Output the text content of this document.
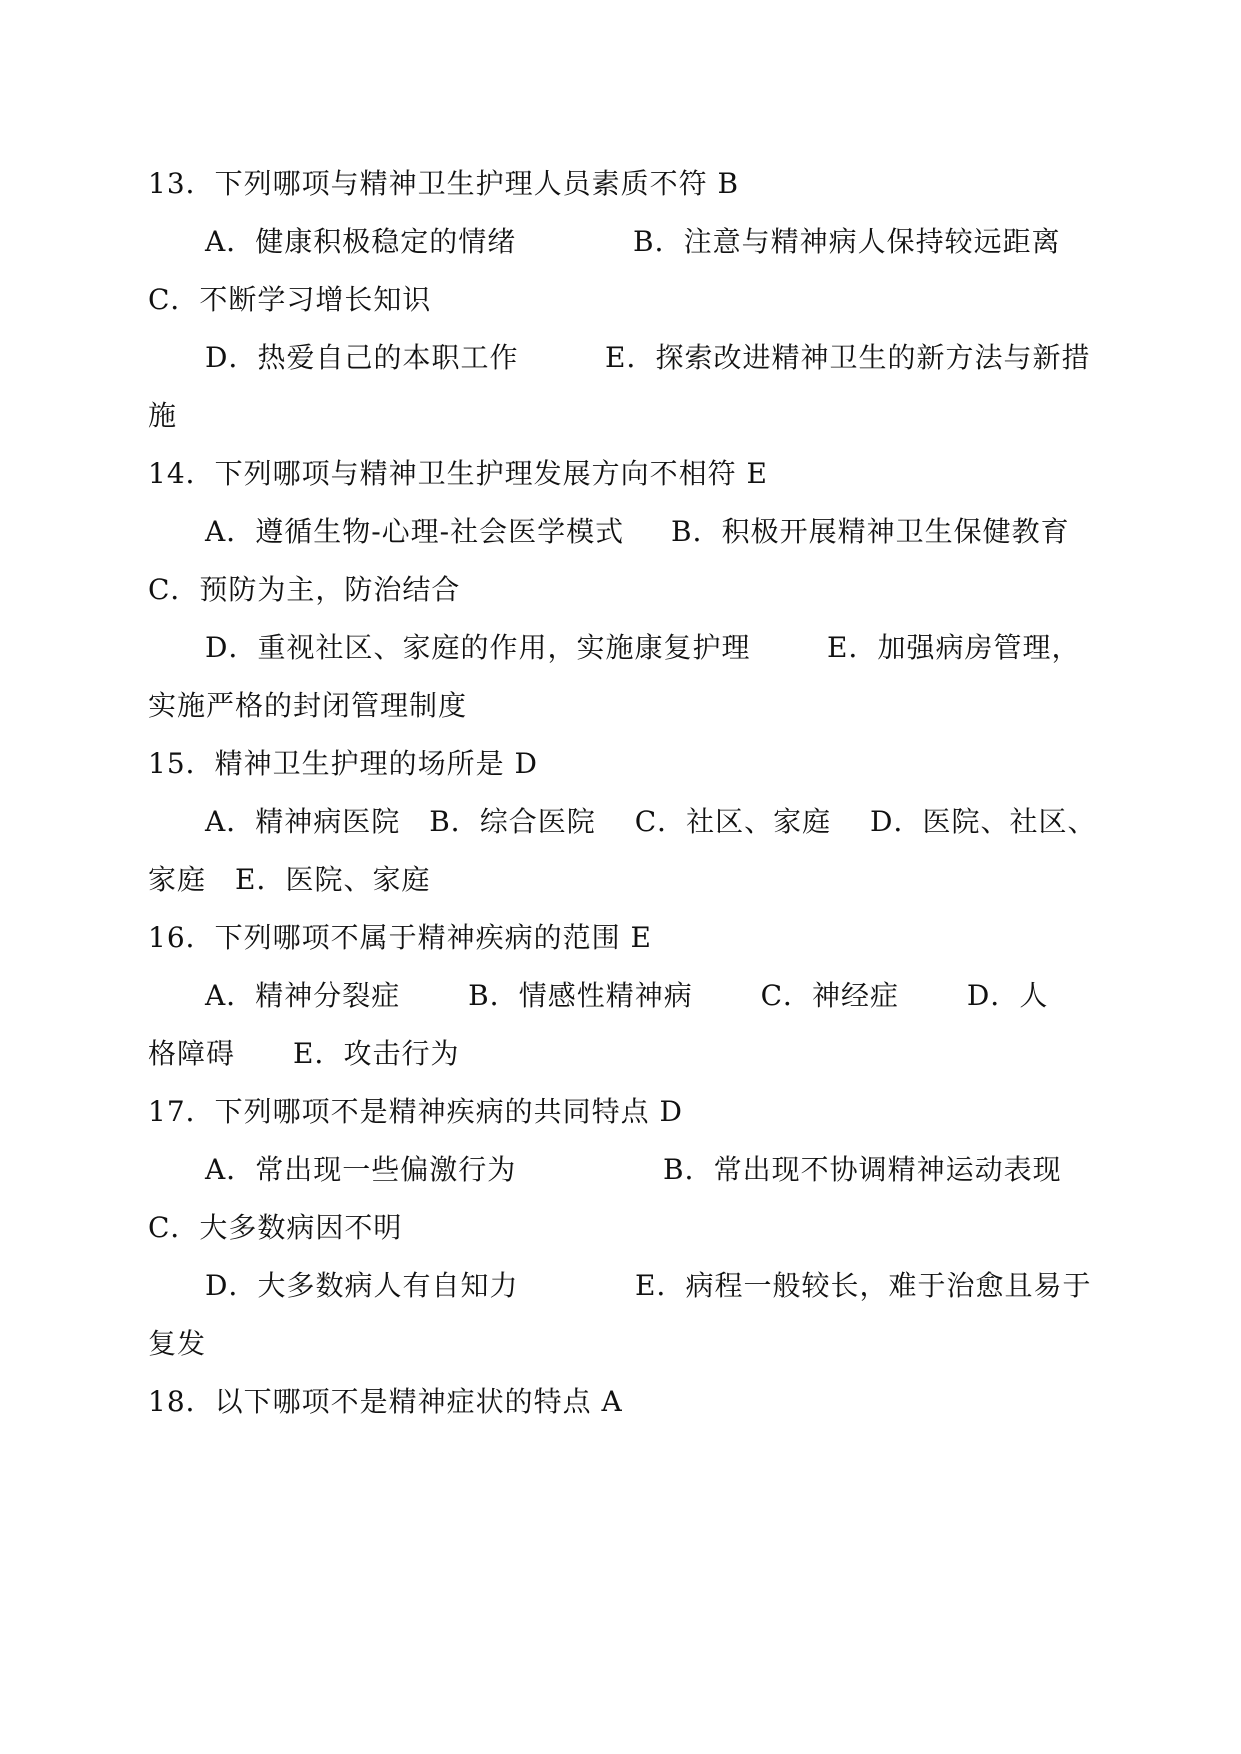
13．下列哪项与精神卫生护理人员素质不符 B
A．健康积极稳定的情绪	B．注意与精神病人保持较远距离
C．不断学习增长知识
D．热爱自己的本职工作	E．探索改进精神卫生的新方法与新措
施
14．下列哪项与精神卫生护理发展方向不相符 E
A．遵循生物-心理-社会医学模式 B．积极开展精神卫生保健教育
C．预防为主，防治结合
D．重视社区、家庭的作用，实施康复护理	E．加强病房管理，
实施严格的封闭管理制度
15．精神卫生护理的场所是 D
A．精神病医院　B．综合医院　 C．社区、家庭　 D．医院、社区、
家庭　E．医院、家庭
16．下列哪项不属于精神疾病的范围 E
A．精神分裂症　　 B．情感性精神病　　 C．神经症　　 D．人
格障碍　　E．攻击行为
17．下列哪项不是精神疾病的共同特点 D
A．常出现一些偏激行为	B．常出现不协调精神运动表现
C．大多数病因不明
D．大多数病人有自知力	E．病程一般较长，难于治愈且易于
复发
18．以下哪项不是精神症状的特点 A
